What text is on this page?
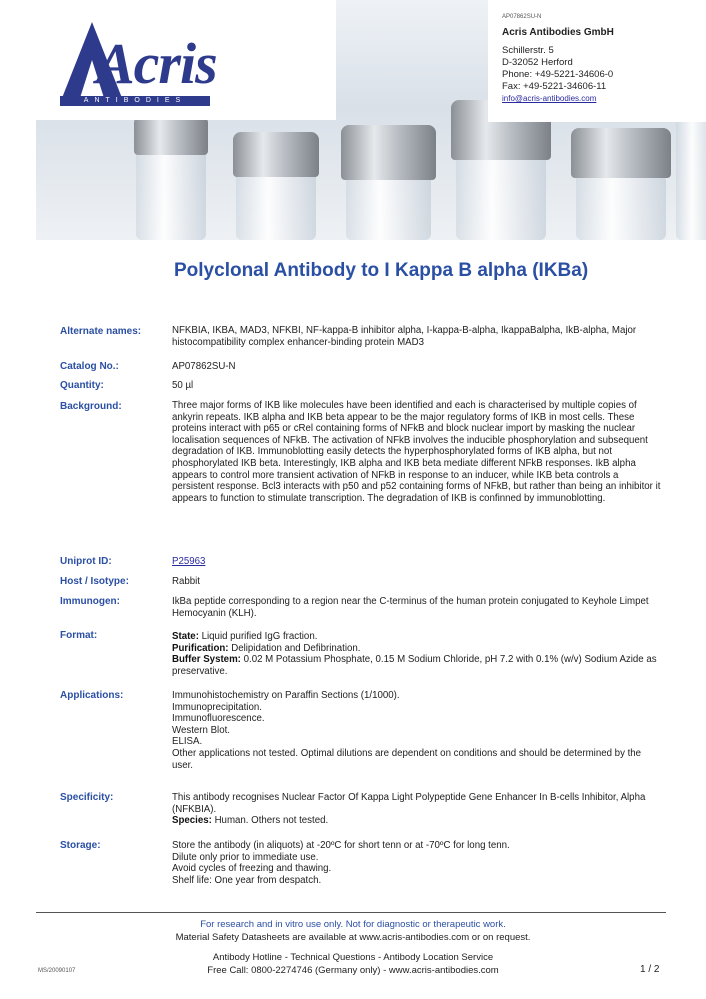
Acris
ANTIBODIES
AP07862SU-N
Acris Antibodies GmbH
Schillerstr. 5
D-32052 Herford
Phone: +49-5221-34606-0
Fax: +49-5221-34606-11
info@acris-antibodies.com
Polyclonal Antibody to I Kappa B alpha (IKBa)
Alternate names:	NFKBIA, IKBA, MAD3, NFKBI, NF-kappa-B inhibitor alpha, I-kappa-B-alpha, IkappaBalpha, IkB-alpha, Major histocompatibility complex enhancer-binding protein MAD3
Catalog No.:	AP07862SU-N
Quantity:	50 µl
Background:	Three major forms of IKB like molecules have been identified and each is characterised by multiple copies of ankyrin repeats. IKB alpha and IKB beta appear to be the major regulatory forms of IKB in most cells. These proteins interact with p65 or cRel containing forms of NFkB and block nuclear import by masking the nuclear localisation sequences of NFkB. The activation of NFkB involves the inducible phosphorylation and subsequent degradation of IKB. Immunoblotting easily detects the hyperphosphorylated forms of IKB alpha, but not phosphorylated IKB beta. Interestingly, IKB alpha and IKB beta mediate different NFkB responses. IkB alpha appears to control more transient activation of NFkB in response to an inducer, while IKB beta controls a persistent response. Bcl3 interacts with p50 and p52 containing forms of NFkB, but rather than being an inhibitor it appears to function to stimulate transcription. The degradation of IKB is confinned by immunoblotting.
Uniprot ID:	P25963
Host / Isotype:	Rabbit
Immunogen:	IkBa peptide corresponding to a region near the C-terminus of the human protein conjugated to Keyhole Limpet Hemocyanin (KLH).
Format:	State: Liquid purified IgG fraction.
Purification: Delipidation and Defibrination.
Buffer System: 0.02 M Potassium Phosphate, 0.15 M Sodium Chloride, pH 7.2 with 0.1% (w/v) Sodium Azide as preservative.
Applications:	Immunohistochemistry on Paraffin Sections (1/1000).
Immunoprecipitation.
Immunofluorescence.
Western Blot.
ELISA.
Other applications not tested. Optimal dilutions are dependent on conditions and should be determined by the user.
Specificity:	This antibody recognises Nuclear Factor Of Kappa Light Polypeptide Gene Enhancer In B-cells Inhibitor, Alpha (NFKBIA).
Species: Human. Others not tested.
Storage:	Store the antibody (in aliquots) at -20ºC for short tenn or at -70ºC for long tenn.
Dilute only prior to immediate use.
Avoid cycles of freezing and thawing.
Shelf life: One year from despatch.
For research and in vitro use only. Not for diagnostic or therapeutic work.
Material Safety Datasheets are available at www.acris-antibodies.com or on request.
Antibody Hotline - Technical Questions - Antibody Location Service
Free Call: 0800-2274746 (Germany only) - www.acris-antibodies.com
MS/20090107	1 / 2
